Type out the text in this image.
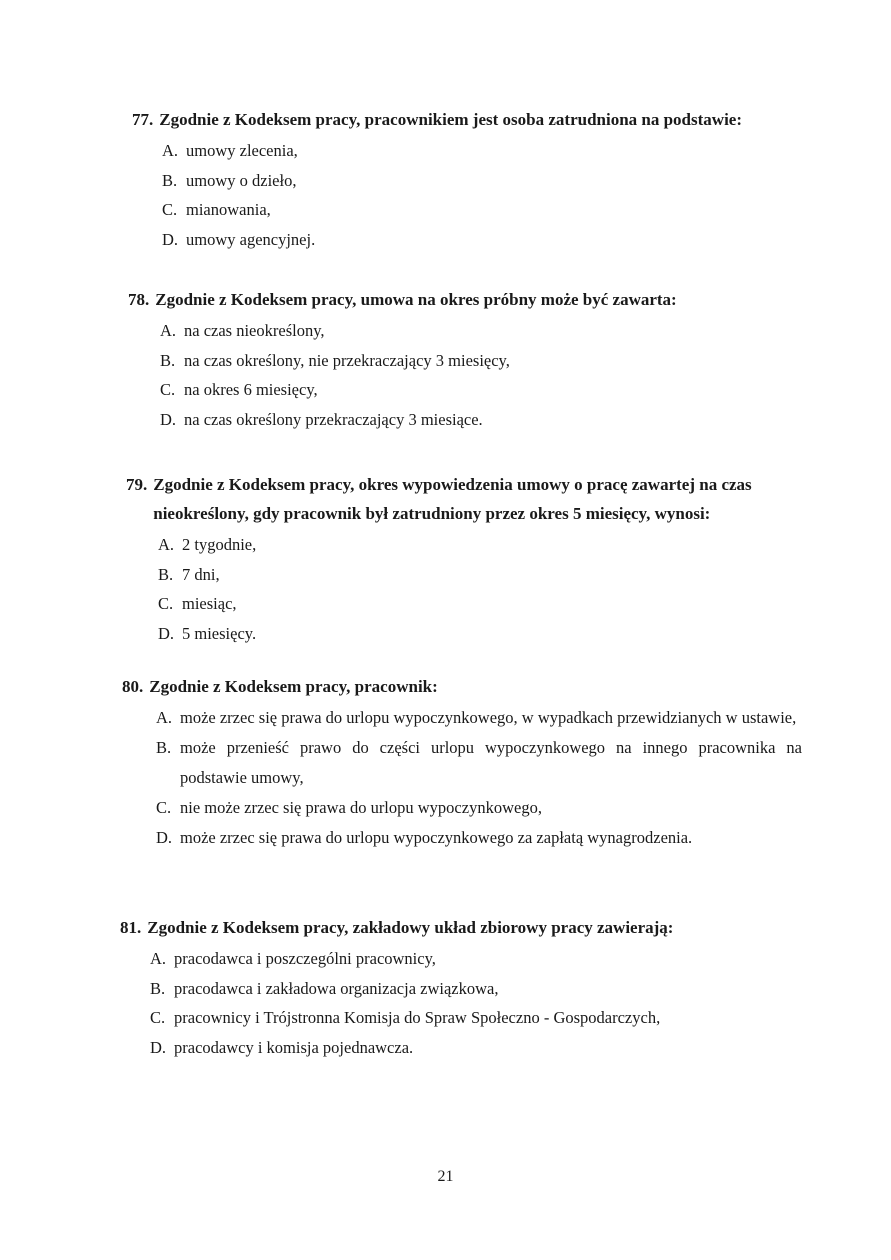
77. Zgodnie z Kodeksem pracy, pracownikiem jest osoba zatrudniona na podstawie:
A. umowy zlecenia,
B. umowy o dzieło,
C. mianowania,
D. umowy agencyjnej.
78. Zgodnie z Kodeksem pracy, umowa na okres próbny może być zawarta:
A. na czas nieokreślony,
B. na czas określony, nie przekraczający 3 miesięcy,
C. na okres 6 miesięcy,
D. na czas określony przekraczający 3 miesiące.
79. Zgodnie z Kodeksem pracy, okres wypowiedzenia umowy o pracę zawartej na czas nieokreślony, gdy pracownik był zatrudniony przez okres 5 miesięcy, wynosi:
A. 2 tygodnie,
B. 7 dni,
C. miesiąc,
D. 5 miesięcy.
80. Zgodnie z Kodeksem pracy, pracownik:
A. może zrzec się prawa do urlopu wypoczynkowego, w wypadkach przewidzianych w ustawie,
B. może przenieść prawo do części urlopu wypoczynkowego na innego pracownika na podstawie umowy,
C. nie może zrzec się prawa do urlopu wypoczynkowego,
D. może zrzec się prawa do urlopu wypoczynkowego za zapłatą wynagrodzenia.
81. Zgodnie z Kodeksem pracy, zakładowy układ zbiorowy pracy zawierają:
A. pracodawca i poszczególni pracownicy,
B. pracodawca i zakładowa organizacja związkowa,
C. pracownicy i Trójstronna Komisja do Spraw Społeczno - Gospodarczych,
D. pracodawcy i komisja pojednawcza.
21
